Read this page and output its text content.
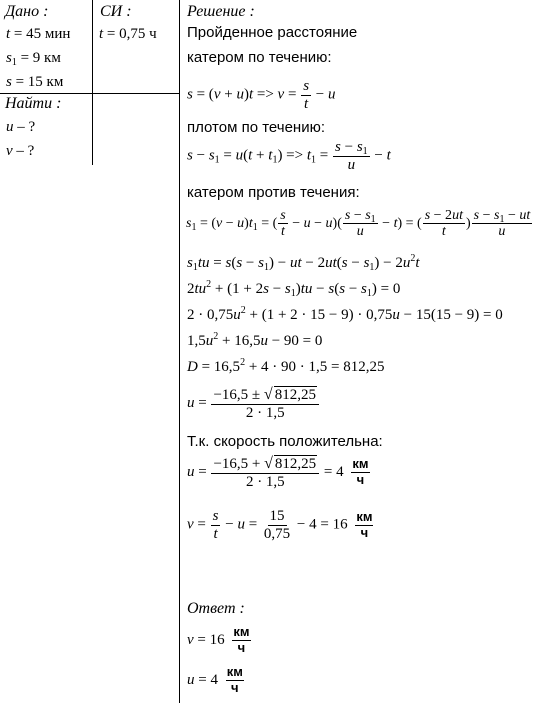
Дано :
t = 45 мин
$s_1 = 9$ км
s = 15 км
Найти :
u – ?
v – ?
СИ :
t = 0,75 ч
Решение :
Пройденное расстояние
катером по течению:
$s = (v + u)t => v = \frac{s}{t} - u$
плотом по течению:
$s - s_1 = u(t + t_1) => t_1 = \frac{s - s_1}{u} - t$
катером против течения:
$s_1 = (v - u)t_1$ = ( $\frac{s}{t} - u - u)( \frac{s - s_1}{u} - t)$ = ( $\frac{s - 2ut}{t}$ ) $\frac{s - s_1 - ut}{u}$
$s_1tu = s(s - s_1)$ − ut − $2ut(s - s_1) - 2u^2t$
$2tu^2 + (1 + 2s - s_1)tu - s(s - s_1) = 0$
$2 \cdot 0,75u^2 + (1 + 2 \cdot 15 - 9) \cdot 0,75u - 15(15 - 9) = 0$
$1,5u^2 + 16,5u - 90 = 0$
$D = 16,5^2 + 4 \cdot 90 \cdot 1,5 = 812,25$
$u = \frac{-16,5 \pm √ 812,25}{2 \cdot 1,5}$
Т.к. скорость положительна:
$u = \frac{-16,5 + √ 812,25}{2 \cdot 1,5} = 4 \frac{км}{ч}$
$v = \frac{s}{t} - u = \frac{15}{0,75} - 4 = 16 \frac{км}{ч}$
Ответ :
$v = 16 \frac{км}{ч}$
$u = 4 \frac{км}{ч}$
